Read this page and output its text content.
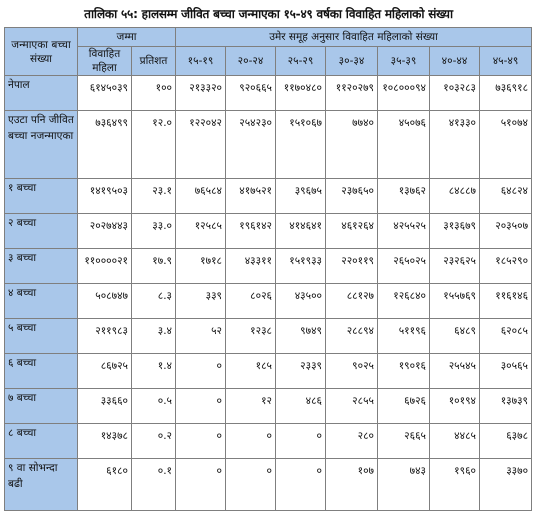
तालिका ५५: हालसम्म जीवित बच्चा जन्माएका १५-४९ वर्षका विवाहित महिलाको संख्या
जन्माएका बच्चा संख्या	जम्मा		उमेर समूह अनुसार विवाहित महिलाको संख्या						
	विवाहित महिला	प्रतिशत	१५-१९	२०-२४	२५-२९	३०-३४	३५-३९	४०-४४	४५-४९
नेपाल	६१४५०३९	१००	२१३३२०	९२०६६५	११७०४८०	११२०२७९	१०८०००९४	१०३२८३	७३६९१८
एउटा पनि जीवित बच्चा नजन्माएका	७३६४९९	१२.०	१२२०४२	२५४२३०	१५१०६७	७७४०	४५०७६	४१३३०	५१०७४
१ बच्चा	१४१९५०३	२३.१	७६५८४	४१७५२१	३९६७५	२३७६५०	१३७६२	८४८८७	६४८२४
२ बच्चा	२०२७४४३	३३.०	१२५८५	१९६१४२	४१४६४१	४६१२६४	४२५५२५	३१३६७९	२०३५०७
३ बच्चा	११००००२१	१७.९	१७१८	४३३११	१५१९३३	२२०११९	२६५०२५	२३२६२५	१८५२९०
४ बच्चा	५०८७४७	८.३	३३९	८०२६	४३५००	८८१२७	१२६८४०	१५५७६९	११६१४६
५ बच्चा	२११९८३	३.४	५२	१२३८	९७४९	२८८९४	५११९६	६४८९	६२०८५
६ बच्चा	८६७२५	१.४	०	१८५	२३३९	९०२५	१९०१६	२५५४५	३०५६५
७ बच्चा	३३६६०	०.५	०	१२	४८६	२८५५	६७२६	१०१९४	१३७३९
८ बच्चा	१४३७८	०.२	०	०	०	२८०	२६६५	४४८५	६३७८
९ वा सोभन्दा बढी	६१८०	०.१	०	०	०	१०७	७४३	१९६०	३३७०
